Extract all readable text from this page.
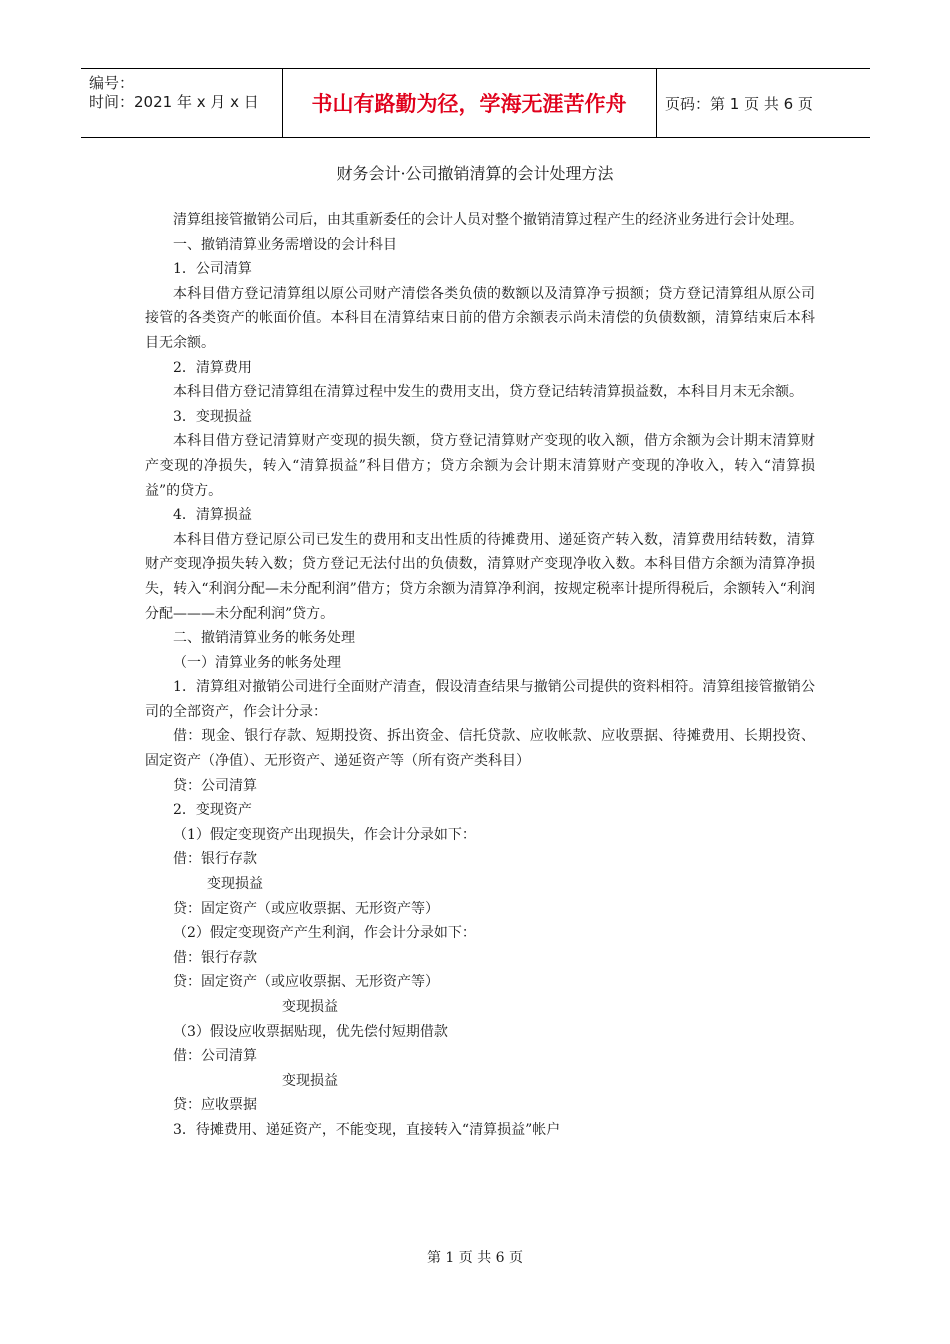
编号：
时间：2021 年 x 月 x 日	书山有路勤为径，学海无涯苦作舟	页码：第 1 页 共 6 页
财务会计·公司撤销清算的会计处理方法

清算组接管撤销公司后，由其重新委任的会计人员对整个撤销清算过程产生的经济业务进行会计处理。

一、撤销清算业务需增设的会计科目

1．公司清算

本科目借方登记清算组以原公司财产清偿各类负债的数额以及清算净亏损额；贷方登记清算组从原公司接管的各类资产的帐面价值。本科目在清算结束日前的借方余额表示尚未清偿的负债数额，清算结束后本科目无余额。

2．清算费用

本科目借方登记清算组在清算过程中发生的费用支出，贷方登记结转清算损益数，本科目月末无余额。

3．变现损益

本科目借方登记清算财产变现的损失额，贷方登记清算财产变现的收入额，借方余额为会计期末清算财产变现的净损失，转入“清算损益”科目借方；贷方余额为会计期末清算财产变现的净收入，转入“清算损益”的贷方。

4．清算损益

本科目借方登记原公司已发生的费用和支出性质的待摊费用、递延资产转入数，清算费用结转数，清算财产变现净损失转入数；贷方登记无法付出的负债数，清算财产变现净收入数。本科目借方余额为清算净损失，转入“利润分配—未分配利润”借方；贷方余额为清算净利润，按规定税率计提所得税后，余额转入“利润分配———未分配利润”贷方。

二、撤销清算业务的帐务处理

（一）清算业务的帐务处理

1．清算组对撤销公司进行全面财产清查，假设清查结果与撤销公司提供的资料相符。清算组接管撤销公司的全部资产，作会计分录：

借：现金、银行存款、短期投资、拆出资金、信托贷款、应收帐款、应收票据、待摊费用、长期投资、固定资产（净值）、无形资产、递延资产等（所有资产类科目）

贷：公司清算

2．变现资产

（1）假定变现资产出现损失，作会计分录如下：

借：银行存款

变现损益

贷：固定资产（或应收票据、无形资产等）

（2）假定变现资产产生利润，作会计分录如下：

借：银行存款

贷：固定资产（或应收票据、无形资产等）

变现损益

（3）假设应收票据贴现，优先偿付短期借款

借：公司清算

变现损益

贷：应收票据

3．待摊费用、递延资产，不能变现，直接转入“清算损益”帐户

第 1 页 共 6 页
